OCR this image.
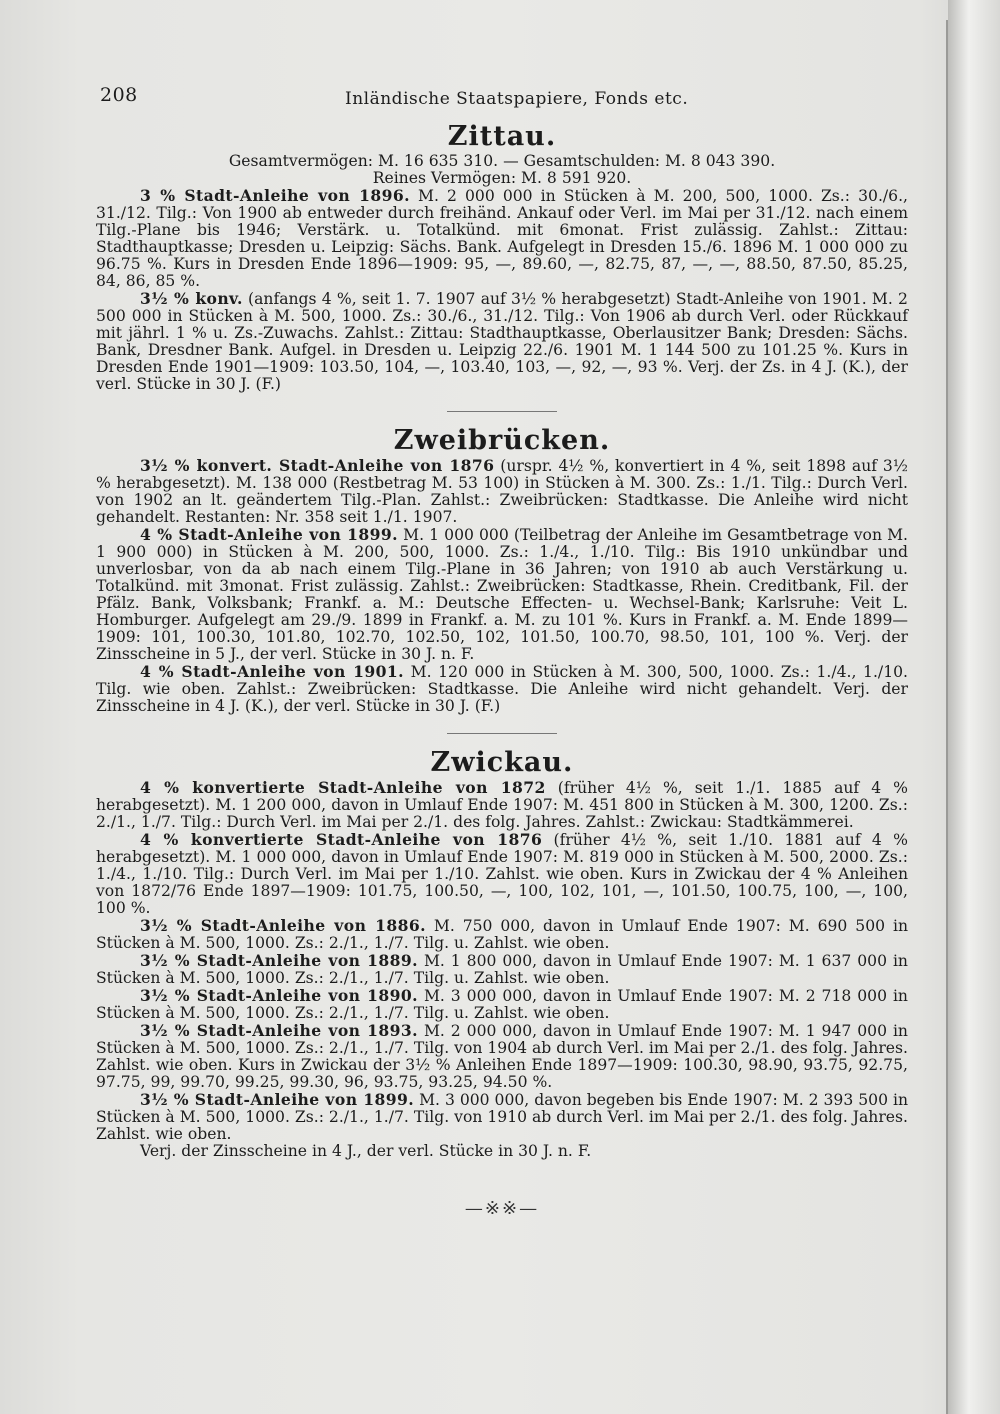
208	Inländische Staatspapiere, Fonds etc.
Zittau.

Gesamtvermögen: M. 16 635 310. — Gesamtschulden: M. 8 043 390.

Reines Vermögen: M. 8 591 920.

3 % Stadt-Anleihe von 1896. M. 2 000 000 in Stücken à M. 200, 500, 1000. Zs.: 30./6., 31./12. Tilg.: Von 1900 ab entweder durch freihänd. Ankauf oder Verl. im Mai per 31./12. nach einem Tilg.-Plane bis 1946; Verstärk. u. Totalkünd. mit 6monat. Frist zulässig. Zahlst.: Zittau: Stadthauptkasse; Dresden u. Leipzig: Sächs. Bank. Aufgelegt in Dresden 15./6. 1896 M. 1 000 000 zu 96.75 %. Kurs in Dresden Ende 1896—1909: 95, —, 89.60, —, 82.75, 87, —, —, 88.50, 87.50, 85.25, 84, 86, 85 %.

3½ % konv. (anfangs 4 %, seit 1. 7. 1907 auf 3½ % herabgesetzt) Stadt-Anleihe von 1901. M. 2 500 000 in Stücken à M. 500, 1000. Zs.: 30./6., 31./12. Tilg.: Von 1906 ab durch Verl. oder Rückkauf mit jährl. 1 % u. Zs.-Zuwachs. Zahlst.: Zittau: Stadthauptkasse, Oberlausitzer Bank; Dresden: Sächs. Bank, Dresdner Bank. Aufgel. in Dresden u. Leipzig 22./6. 1901 M. 1 144 500 zu 101.25 %. Kurs in Dresden Ende 1901—1909: 103.50, 104, —, 103.40, 103, —, 92, —, 93 %. Verj. der Zs. in 4 J. (K.), der verl. Stücke in 30 J. (F.)

Zweibrücken.

3½ % konvert. Stadt-Anleihe von 1876 (urspr. 4½ %, konvertiert in 4 %, seit 1898 auf 3½ % herabgesetzt). M. 138 000 (Restbetrag M. 53 100) in Stücken à M. 300. Zs.: 1./1. Tilg.: Durch Verl. von 1902 an lt. geändertem Tilg.-Plan. Zahlst.: Zweibrücken: Stadtkasse. Die Anleihe wird nicht gehandelt. Restanten: Nr. 358 seit 1./1. 1907.

4 % Stadt-Anleihe von 1899. M. 1 000 000 (Teilbetrag der Anleihe im Gesamtbetrage von M. 1 900 000) in Stücken à M. 200, 500, 1000. Zs.: 1./4., 1./10. Tilg.: Bis 1910 unkündbar und unverlosbar, von da ab nach einem Tilg.-Plane in 36 Jahren; von 1910 ab auch Verstärkung u. Totalkünd. mit 3monat. Frist zulässig. Zahlst.: Zweibrücken: Stadtkasse, Rhein. Creditbank, Fil. der Pfälz. Bank, Volksbank; Frankf. a. M.: Deutsche Effecten- u. Wechsel-Bank; Karlsruhe: Veit L. Homburger. Aufgelegt am 29./9. 1899 in Frankf. a. M. zu 101 %. Kurs in Frankf. a. M. Ende 1899—1909: 101, 100.30, 101.80, 102.70, 102.50, 102, 101.50, 100.70, 98.50, 101, 100 %. Verj. der Zinsscheine in 5 J., der verl. Stücke in 30 J. n. F.

4 % Stadt-Anleihe von 1901. M. 120 000 in Stücken à M. 300, 500, 1000. Zs.: 1./4., 1./10. Tilg. wie oben. Zahlst.: Zweibrücken: Stadtkasse. Die Anleihe wird nicht gehandelt. Verj. der Zinsscheine in 4 J. (K.), der verl. Stücke in 30 J. (F.)

Zwickau.

4 % konvertierte Stadt-Anleihe von 1872 (früher 4½ %, seit 1./1. 1885 auf 4 % herabgesetzt). M. 1 200 000, davon in Umlauf Ende 1907: M. 451 800 in Stücken à M. 300, 1200. Zs.: 2./1., 1./7. Tilg.: Durch Verl. im Mai per 2./1. des folg. Jahres. Zahlst.: Zwickau: Stadtkämmerei.

4 % konvertierte Stadt-Anleihe von 1876 (früher 4½ %, seit 1./10. 1881 auf 4 % herabgesetzt). M. 1 000 000, davon in Umlauf Ende 1907: M. 819 000 in Stücken à M. 500, 2000. Zs.: 1./4., 1./10. Tilg.: Durch Verl. im Mai per 1./10. Zahlst. wie oben. Kurs in Zwickau der 4 % Anleihen von 1872/76 Ende 1897—1909: 101.75, 100.50, —, 100, 102, 101, —, 101.50, 100.75, 100, —, 100, 100 %.

3½ % Stadt-Anleihe von 1886. M. 750 000, davon in Umlauf Ende 1907: M. 690 500 in Stücken à M. 500, 1000. Zs.: 2./1., 1./7. Tilg. u. Zahlst. wie oben.

3½ % Stadt-Anleihe von 1889. M. 1 800 000, davon in Umlauf Ende 1907: M. 1 637 000 in Stücken à M. 500, 1000. Zs.: 2./1., 1./7. Tilg. u. Zahlst. wie oben.

3½ % Stadt-Anleihe von 1890. M. 3 000 000, davon in Umlauf Ende 1907: M. 2 718 000 in Stücken à M. 500, 1000. Zs.: 2./1., 1./7. Tilg. u. Zahlst. wie oben.

3½ % Stadt-Anleihe von 1893. M. 2 000 000, davon in Umlauf Ende 1907: M. 1 947 000 in Stücken à M. 500, 1000. Zs.: 2./1., 1./7. Tilg. von 1904 ab durch Verl. im Mai per 2./1. des folg. Jahres. Zahlst. wie oben. Kurs in Zwickau der 3½ % Anleihen Ende 1897—1909: 100.30, 98.90, 93.75, 92.75, 97.75, 99, 99.70, 99.25, 99.30, 96, 93.75, 93.25, 94.50 %.

3½ % Stadt-Anleihe von 1899. M. 3 000 000, davon begeben bis Ende 1907: M. 2 393 500 in Stücken à M. 500, 1000. Zs.: 2./1., 1./7. Tilg. von 1910 ab durch Verl. im Mai per 2./1. des folg. Jahres. Zahlst. wie oben.

Verj. der Zinsscheine in 4 J., der verl. Stücke in 30 J. n. F.

—※※—
